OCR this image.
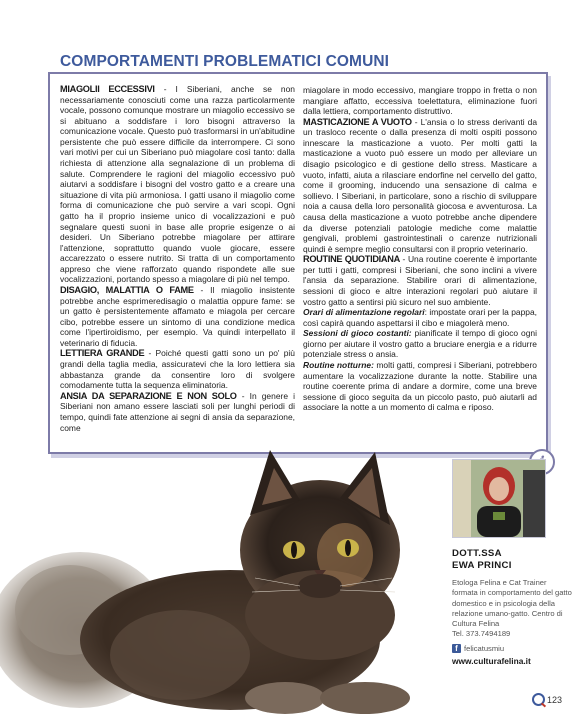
COMPORTAMENTI PROBLEMATICI COMUNI

MIAGOLII ECCESSIVI - I Siberiani, anche se non necessariamente conosciuti come una razza particolarmente vocale, possono comunque mostrare un miagolio eccessivo se si abituano a soddisfare i loro bisogni attraverso la comunicazione vocale. Questo può trasformarsi in un'abitudine persistente che può essere difficile da interrompere. Ci sono vari motivi per cui un Siberiano può miagolare così tanto: dalla richiesta di attenzione alla segnalazione di un problema di salute. Comprendere le ragioni del miagolio eccessivo può aiutarvi a soddisfare i bisogni del vostro gatto e a creare una situazione di vita più armoniosa. I gatti usano il miagolio come forma di comunicazione che può servire a vari scopi. Ogni gatto ha il proprio insieme unico di vocalizzazioni e può segnalare questi suoni in base alle proprie esigenze o ai desideri. Un Siberiano potrebbe miagolare per attirare l'attenzione, soprattutto quando vuole giocare, essere accarezzato o essere nutrito. Si tratta di un comportamento appreso che viene rafforzato quando rispondete alle sue vocalizzazioni, portando spesso a miagolare di più nel tempo.

DISAGIO, MALATTIA O FAME - Il miagolio insistente potrebbe anche esprimeredisagio o malattia oppure fame: se un gatto è persistentemente affamato e miagola per cercare cibo, potrebbe essere un sintomo di una condizione medica come l'ipertiroidismo, per esempio. Va quindi interpellato il veterinario di fiducia.

LETTIERA GRANDE - Poiché questi gatti sono un po' più grandi della taglia media, assicuratevi che la loro lettiera sia abbastanza grande da consentire loro di svolgere comodamente tutta la sequenza eliminatoria.

ANSIA DA SEPARAZIONE E NON SOLO - In genere i Siberiani non amano essere lasciati soli per lunghi periodi di tempo, quindi fate attenzione ai segni di ansia da separazione, come

miagolare in modo eccessivo, mangiare troppo in fretta o non mangiare affatto, eccessiva toelettatura, eliminazione fuori dalla lettiera, comportamento distruttivo.

MASTICAZIONE A VUOTO - L'ansia o lo stress derivanti da un trasloco recente o dalla presenza di molti ospiti possono innescare la masticazione a vuoto. Per molti gatti la masticazione a vuoto può essere un modo per alleviare un disagio psicologico e di gestione dello stress. Masticare a vuoto, infatti, aiuta a rilasciare endorfine nel cervello del gatto, come il grooming, inducendo una sensazione di calma e sollievo. I Siberiani, in particolare, sono a rischio di sviluppare noia a causa della loro personalità giocosa e avventurosa. La causa della masticazione a vuoto potrebbe anche dipendere da diverse potenziali patologie mediche come malattie gengivali, problemi gastrointestinali o carenze nutrizionali quindi è sempre meglio consultarsi con il proprio veterinario.

ROUTINE QUOTIDIANA - Una routine coerente è importante per tutti i gatti, compresi i Siberiani, che sono inclini a vivere l'ansia da separazione. Stabilire orari di alimentazione, sessioni di gioco e altre interazioni regolari può aiutare il vostro gatto a sentirsi più sicuro nel suo ambiente.

Orari di alimentazione regolari: impostate orari per la pappa, così capirà quando aspettarsi il cibo e miagolerà meno.

Sessioni di gioco costanti: pianificate il tempo di gioco ogni giorno per aiutare il vostro gatto a bruciare energia e a ridurre potenziale stress o ansia.

Routine notturne: molti gatti, compresi i Siberiani, potrebbero aumentare la vocalizzazione durante la notte. Stabilire una routine coerente prima di andare a dormire, come una breve sessione di gioco seguita da un piccolo pasto, può aiutarli ad associare la notte a un momento di calma e riposo.

DOTT.SSA
EWA PRINCI
Etologa Felina e Cat Trainer formata in comportamento del gatto domestico e in psicologia della relazione umano-gatto. Centro di Cultura Felina
Tel. 373.7494189
f felicatusmiu
www.culturafelina.it
123
